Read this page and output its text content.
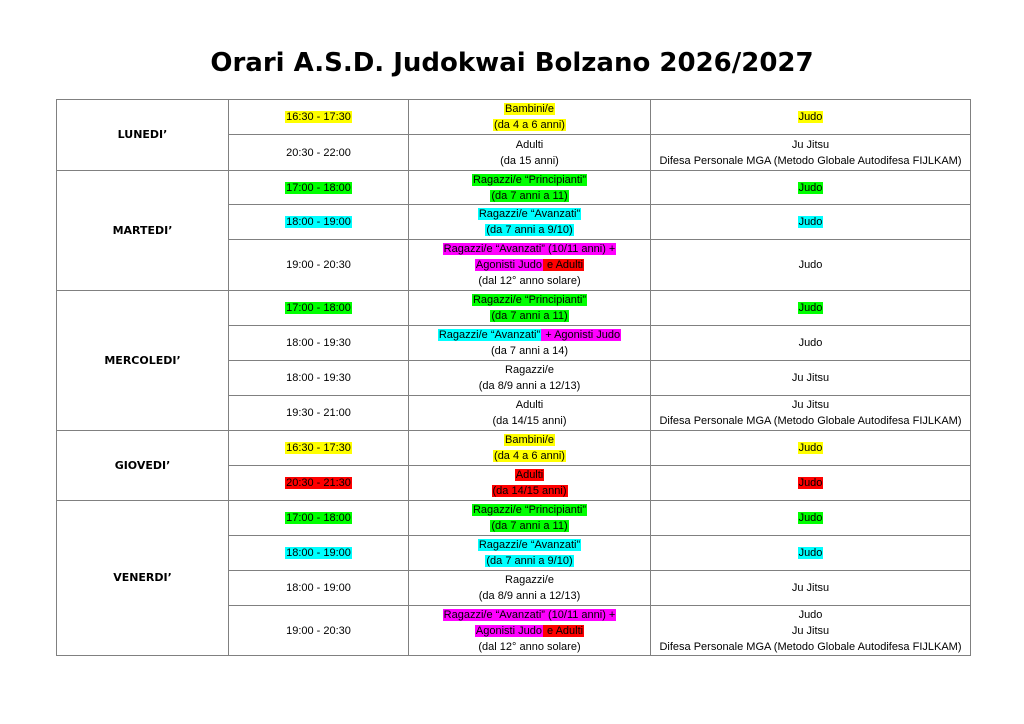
Orari A.S.D. Judokwai Bolzano 2026/2027
LUNEDI’	16:30 - 17:30	Bambini/e
(da 4 a 6 anni)	Judo

	20:30 - 22:00	Adulti
(da 15 anni)	Ju Jitsu
Difesa Personale MGA (Metodo Globale Autodifesa FIJLKAM)

MARTEDI’	17:00 - 18:00	Ragazzi/e “Principianti”
(da 7 anni a 11)	Judo

	18:00 - 19:00	Ragazzi/e “Avanzati”
(da 7 anni a 9/10)	Judo

	19:00 - 20:30	Ragazzi/e “Avanzati” (10/11 anni) +
Agonisti Judo e Adulti
(dal 12° anno solare)	Judo

MERCOLEDI’	17:00 - 18:00	Ragazzi/e “Principianti”
(da 7 anni a 11)	Judo

	18:00 - 19:30	Ragazzi/e “Avanzati” + Agonisti Judo
(da 7 anni a 14)	Judo

	18:00 - 19:30	Ragazzi/e
(da 8/9 anni a 12/13)	Ju Jitsu

	19:30 - 21:00	Adulti
(da 14/15 anni)	Ju Jitsu
Difesa Personale MGA (Metodo Globale Autodifesa FIJLKAM)

GIOVEDI’	16:30 - 17:30	Bambini/e
(da 4 a 6 anni)	Judo

	20:30 - 21:30	Adulti
(da 14/15 anni)	Judo

VENERDI’	17:00 - 18:00	Ragazzi/e “Principianti”
(da 7 anni a 11)	Judo

	18:00 - 19:00	Ragazzi/e “Avanzati”
(da 7 anni a 9/10)	Judo

	18:00 - 19:00	Ragazzi/e
(da 8/9 anni a 12/13)	Ju Jitsu

	19:00 - 20:30	Ragazzi/e “Avanzati” (10/11 anni) +
Agonisti Judo e Adulti
(dal 12° anno solare)	Judo
Ju Jitsu
Difesa Personale MGA (Metodo Globale Autodifesa FIJLKAM)
